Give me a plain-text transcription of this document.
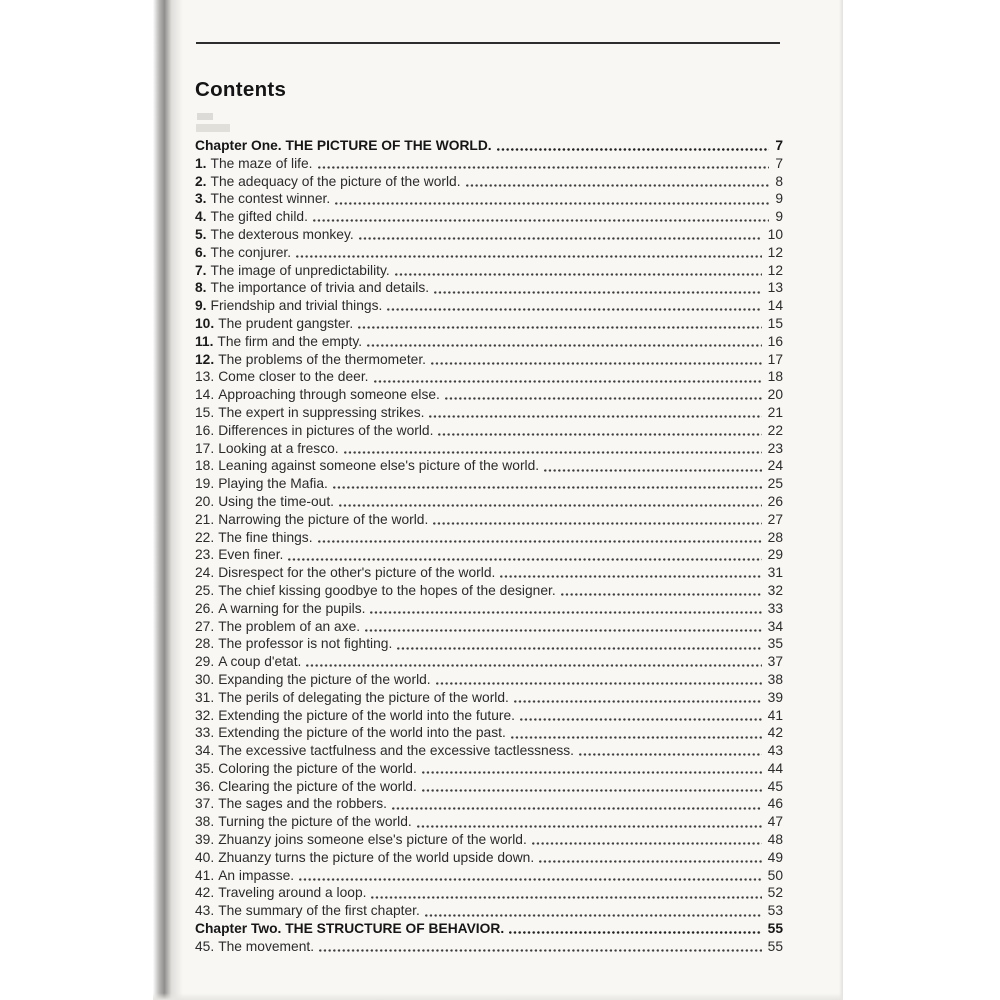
Contents
Chapter One. THE PICTURE OF THE WORLD.	7
1. The maze of life.	7
2. The adequacy of the picture of the world.	8
3. The contest winner.	9
4. The gifted child.	9
5. The dexterous monkey.	10
6. The conjurer.	12
7. The image of unpredictability.	12
8. The importance of trivia and details.	13
9. Friendship and trivial things.	14
10. The prudent gangster.	15
11. The firm and the empty.	16
12. The problems of the thermometer.	17
13. Come closer to the deer.	18
14. Approaching through someone else.	20
15. The expert in suppressing strikes.	21
16. Differences in pictures of the world.	22
17. Looking at a fresco.	23
18. Leaning against someone else's picture of the world.	24
19. Playing the Mafia.	25
20. Using the time-out.	26
21. Narrowing the picture of the world.	27
22. The fine things.	28
23. Even finer.	29
24. Disrespect for the other's picture of the world.	31
25. The chief kissing goodbye to the hopes of the designer.	32
26. A warning for the pupils.	33
27. The problem of an axe.	34
28. The professor is not fighting.	35
29. A coup d'etat.	37
30. Expanding the picture of the world.	38
31. The perils of delegating the picture of the world.	39
32. Extending the picture of the world into the future.	41
33. Extending the picture of the world into the past.	42
34. The excessive tactfulness and the excessive tactlessness.	43
35. Coloring the picture of the world.	44
36. Clearing the picture of the world.	45
37. The sages and the robbers.	46
38. Turning the picture of the world.	47
39. Zhuanzy joins someone else's picture of the world.	48
40. Zhuanzy turns the picture of the world upside down.	49
41. An impasse.	50
42. Traveling around a loop.	52
43. The summary of the first chapter.	53
Chapter Two. THE STRUCTURE OF BEHAVIOR.	55
45. The movement.	55
